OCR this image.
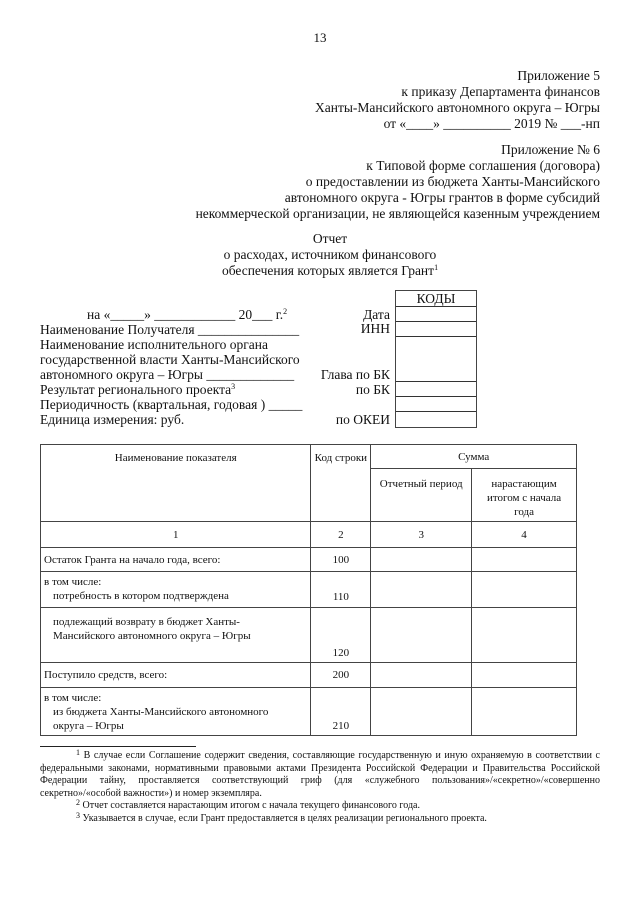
13
Приложение 5
к приказу Департамента финансов
Ханты-Мансийского автономного округа – Югры
от «____» __________ 2019 № ___-нп
Приложение № 6
к Типовой форме соглашения (договора)
о предоставлении из бюджета Ханты-Мансийского
автономного округа - Югры грантов в форме субсидий
некоммерческой организации, не являющейся казенным учреждением
Отчет
о расходах, источником финансового
обеспечения которых является Грант$^1$
на «_____» ____________ 20___ г.$^2$
Наименование Получателя _______________
Наименование исполнительного органа
государственной власти Ханты-Мансийского
автономного округа – Югры _____________
Результат регионального проекта$^3$
Периодичность (квартальная, годовая ) _____
Единица измерения: руб.
Дата
ИНН
Глава по БК
по БК
по ОКЕИ
КОДЫ
Наименование показателя	Код строки	Сумма	
		Отчетный период	нарастающим итогом с начала года
1	2	3	4
Остаток Гранта на начало года, всего:	100		

в том числе:
потребность в котором подтверждена	110		

подлежащий возврату в бюджет Ханты-Мансийского автономного округа – Югры	120		
Поступило средств, всего:	200		

в том числе:
из бюджета Ханты-Мансийского автономного округа – Югры	210		
$^1$ В случае если Соглашение содержит сведения, составляющие государственную и иную охраняемую в соответствии с федеральными законами, нормативными правовыми актами Президента Российской Федерации и Правительства Российской Федерации тайну, проставляется соответствующий гриф (для «служебного пользования»/«секретно»/«совершенно секретно»/«особой важности») и номер экземпляра.
$^2$ Отчет составляется нарастающим итогом с начала текущего финансового года.
$^3$ Указывается в случае, если Грант предоставляется в целях реализации регионального проекта.
